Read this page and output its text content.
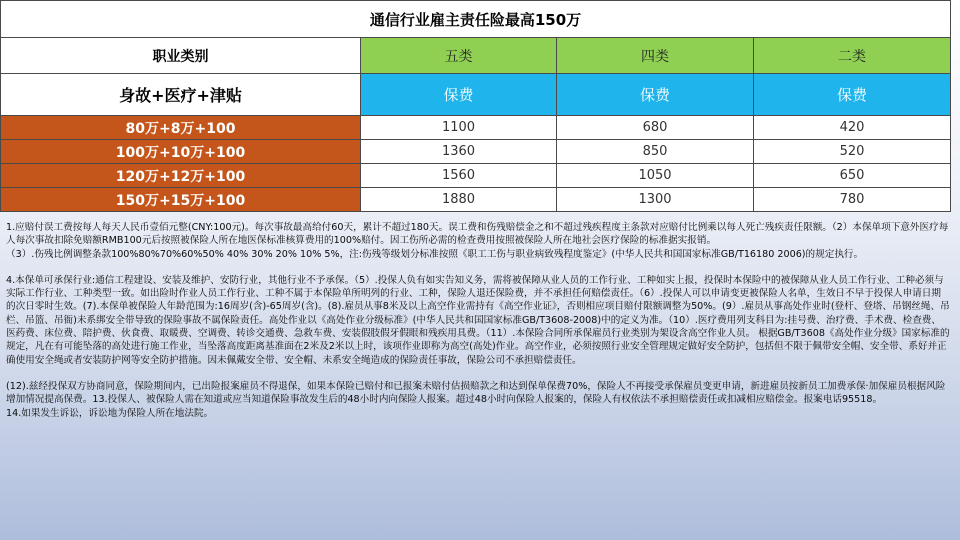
通信行业雇主责任险最高150万			
职业类别	五类	四类	二类
身故+医疗+津贴	保费	保费	保费
80万+8万+100	1100	680	420
100万+10万+100	1360	850	520
120万+12万+100	1560	1050	650
150万+15万+100	1880	1300	780

1.应赔付误工费按每人每天人民币壹佰元整(CNY:100元)。每次事故最高给付60天，累计不超过180天。误工费和伤残赔偿金之和不超过残疾程度主条款对应赔付比例乘以每人死亡残疾责任限额。（2）本保单项下意外医疗每人每次事故扣除免赔额RMB100元后按照被保险人所在地医保标准核算费用的100%赔付。因工伤所必需的检查费用按照被保险人所在地社会医疗保险的标准据实报销。

（3）.伤残比例调整条款100%80%70%60%50% 40% 30% 20% 10% 5%，注:伤残等级划分标准按照《职工工伤与职业病致残程度鉴定》(中华人民共和国国家标准GB/T16180 2006)的规定执行。

4.本保单可承保行业:通信工程建设、安装及维护、安防行业，其他行业不予承保。（5）.投保人负有如实告知义务，需将被保障从业人员的工作行业、工种如实上报，投保时本保险中的被保障从业人员工作行业、工种必须与实际工作行业、工种类型一致。如出险时作业人员工作行业、工种不属于本保险单所明列的行业、工种，保险人退还保险费，并不承担任何赔偿责任。（6）.投保人可以申请变更被保险人名单，生效日不早于投保人申请日期的次日零时生效。(7).本保单被保险人年龄范围为:16周岁(含)-65周岁(含)。(8).雇员从事8米及以上高空作业需持有《高空作业证》，否则相应项目赔付限额调整为50%。(9）.雇员从事高处作业时(登杆、登塔、吊钢丝绳、吊栏、吊篮、吊衙)未系绑安全带导致的保险事故不属保险责任。高处作业以《高处作业分级标准》(中华人民共和国国家标准GB/T3608-2008)中的定义为准。（10）.医疗费用列支科目为:挂号费、治疗费、手术费、检查费、医药费、床位费、陪护费、伙食费、取暖费、空调费、转诊交通费、急救车费、安装假肢假牙假眼和残疾用具费。（11）.本保险合同所承保雇员行业类别为架设含高空作业人员。 根据GB/T3608《高处作业分级》国家标准的规定，凡在有可能坠落的高处进行施工作业，当坠落高度距离基准面在2米及2米以上时，该项作业即称为高空(高处)作业。高空作业，必须按照行业安全管理规定做好安全防护，包括但不限于佩带安全帽、安全带、系好并正确使用安全绳或者安装防护网等安全防护措施。因未佩戴安全带、安全帽、未系安全绳造成的保险责任事故，保险公司不承担赔偿责任。

(12).兹经投保双方协商同意，保险期间内，已出险报案雇员不得退保，如果本保险已赔付和已报案未赔付估损赔款之和达到保单保费70%，保险人不再接受承保雇员变更申请，新进雇员按新员工加费承保·加保雇员根据风险增加情况提高保费。13.投保人、被保险人需在知道或应当知道保险事故发生后的48小时内向保险人报案。超过48小时向保险人报案的，保险人有权依法不承担赔偿责任或扣减相应赔偿金。报案电话95518。

14.如果发生诉讼，诉讼地为保险人所在地法院。
